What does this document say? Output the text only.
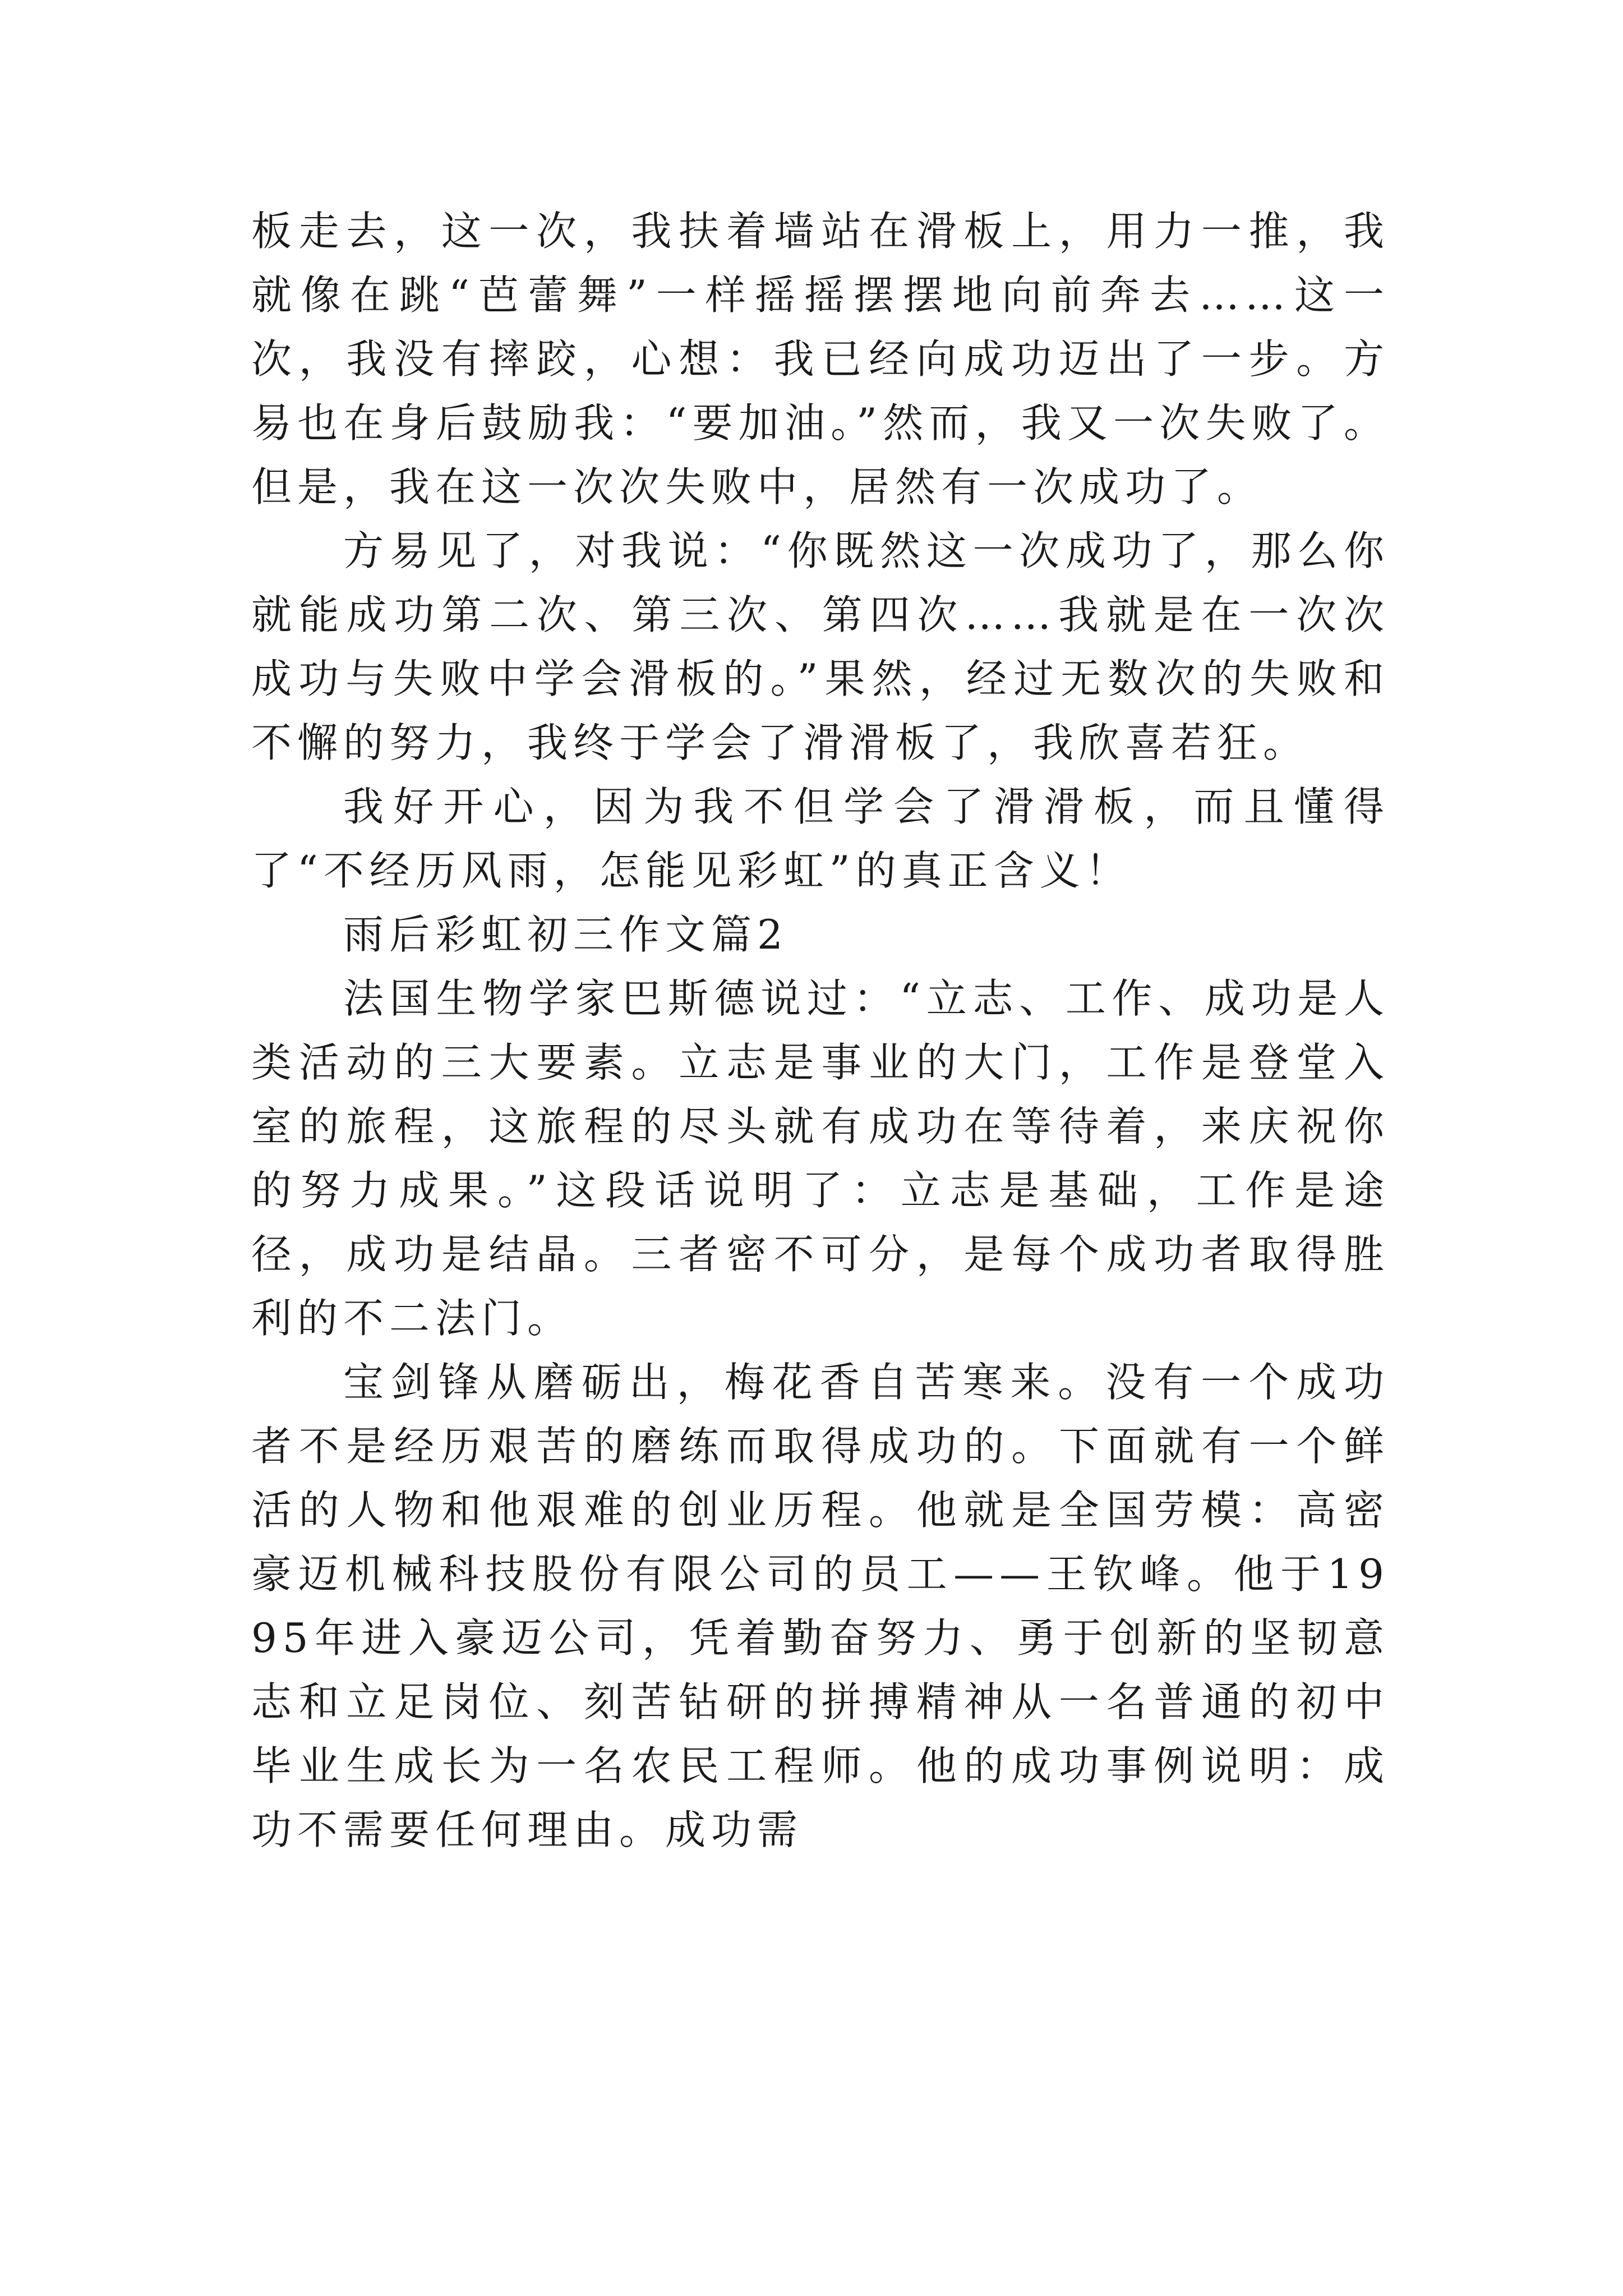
板走去，这一次，我扶着墙站在滑板上，用力一推，我就像在跳“芭蕾舞”一样摇摇摆摆地向前奔去……这一次，我没有摔跤，心想：我已经向成功迈出了一步。方易也在身后鼓励我：“要加油。”然而，我又一次失败了。但是，我在这一次次失败中，居然有一次成功了。

方易见了，对我说：“你既然这一次成功了，那么你就能成功第二次、第三次、第四次……我就是在一次次成功与失败中学会滑板的。”果然，经过无数次的失败和不懈的努力，我终于学会了滑滑板了，我欣喜若狂。

我好开心，因为我不但学会了滑滑板，而且懂得了“不经历风雨，怎能见彩虹”的真正含义！

雨后彩虹初三作文篇2

法国生物学家巴斯德说过：“立志、工作、成功是人类活动的三大要素。立志是事业的大门，工作是登堂入室的旅程，这旅程的尽头就有成功在等待着，来庆祝你的努力成果。”这段话说明了：立志是基础，工作是途径，成功是结晶。三者密不可分，是每个成功者取得胜利的不二法门。

宝剑锋从磨砺出，梅花香自苦寒来。没有一个成功者不是经历艰苦的磨练而取得成功的。下面就有一个鲜活的人物和他艰难的创业历程。他就是全国劳模：高密豪迈机械科技股份有限公司的员工——王钦峰。他于1995年进入豪迈公司，凭着勤奋努力、勇于创新的坚韧意志和立足岗位、刻苦钻研的拼搏精神从一名普通的初中毕业生成长为一名农民工程师。他的成功事例说明：成功不需要任何理由。成功需
